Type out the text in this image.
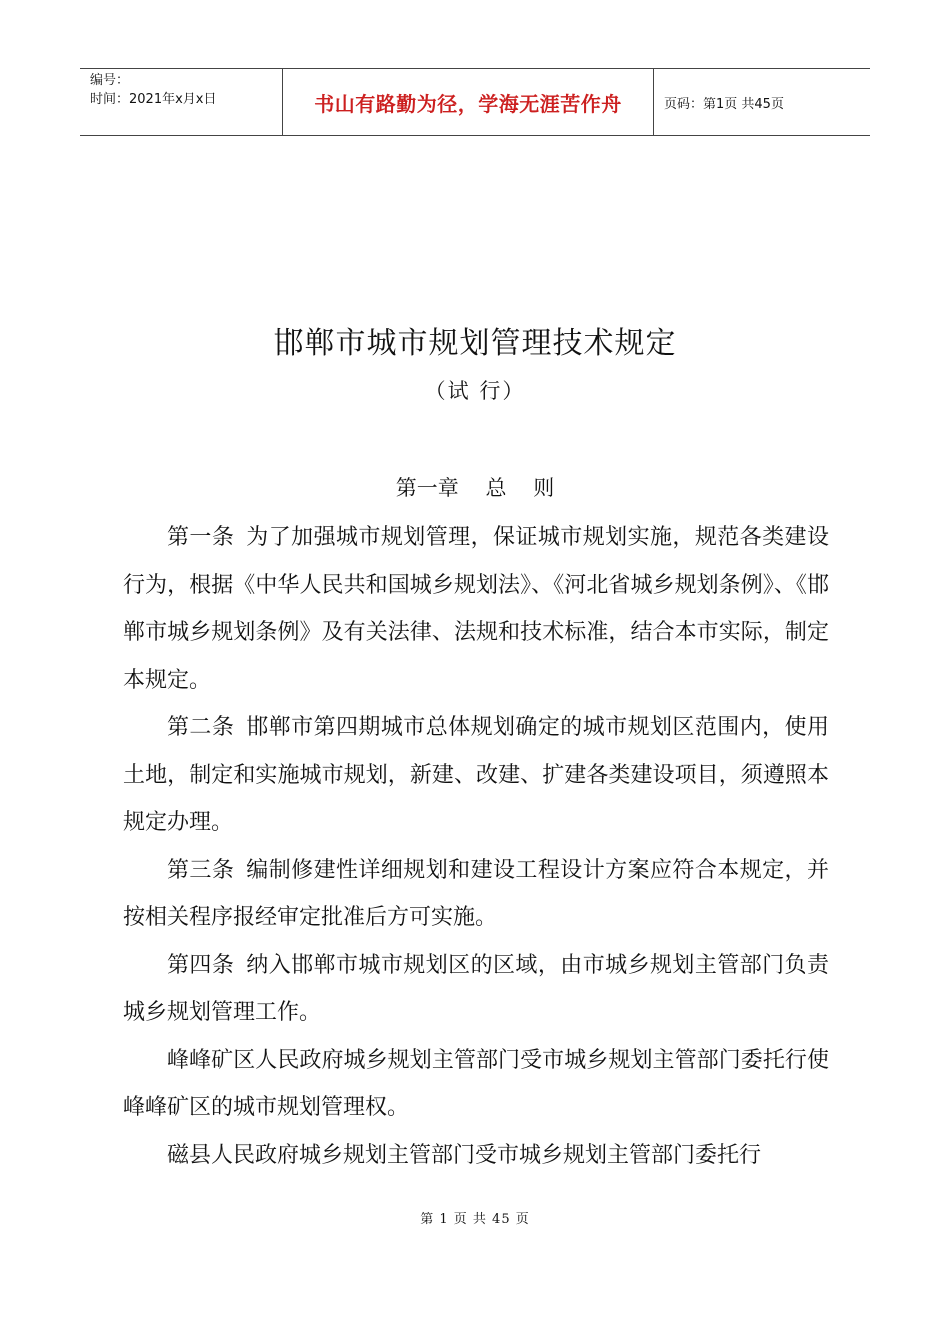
编号：
时间：2021年x月x日	书山有路勤为径，学海无涯苦作舟	页码：第1页 共45页
邯郸市城市规划管理技术规定
（试 行）
第一章    总    则

第一条 为了加强城市规划管理，保证城市规划实施，规范各类建设行为，根据《中华人民共和国城乡规划法》、《河北省城乡规划条例》、《邯郸市城乡规划条例》及有关法律、法规和技术标准，结合本市实际，制定本规定。

第二条 邯郸市第四期城市总体规划确定的城市规划区范围内，使用土地，制定和实施城市规划，新建、改建、扩建各类建设项目，须遵照本规定办理。

第三条 编制修建性详细规划和建设工程设计方案应符合本规定，并按相关程序报经审定批准后方可实施。

第四条 纳入邯郸市城市规划区的区域，由市城乡规划主管部门负责城乡规划管理工作。

峰峰矿区人民政府城乡规划主管部门受市城乡规划主管部门委托行使峰峰矿区的城市规划管理权。

磁县人民政府城乡规划主管部门受市城乡规划主管部门委托行

第 1 页 共 45 页
